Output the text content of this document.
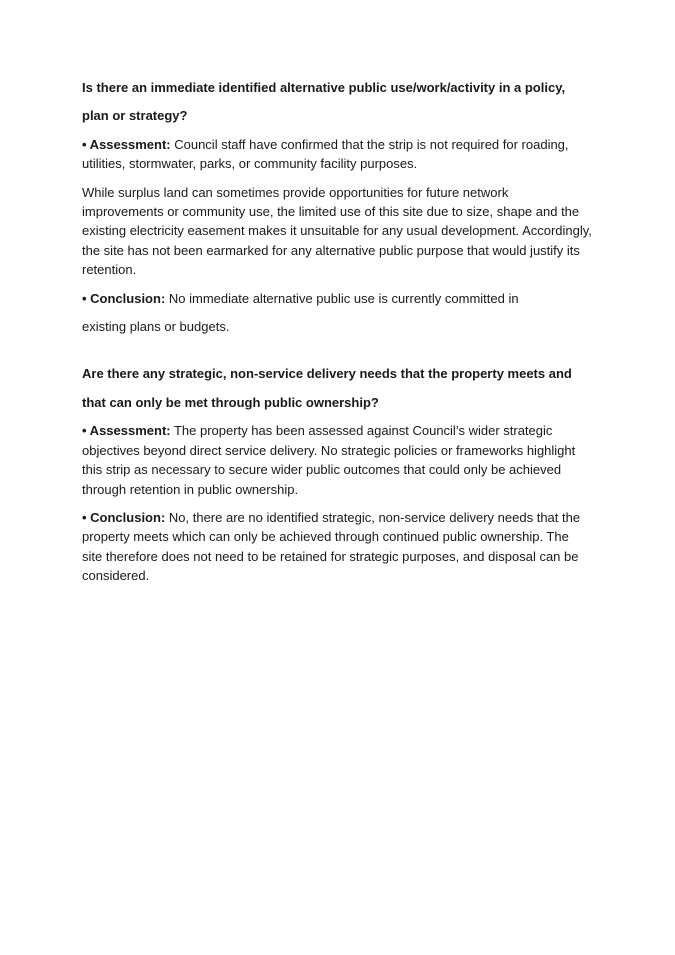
Is there an immediate identified alternative public use/work/activity in a policy,

plan or strategy?

• Assessment: Council staff have confirmed that the strip is not required for roading, utilities, stormwater, parks, or community facility purposes.

While surplus land can sometimes provide opportunities for future network improvements or community use, the limited use of this site due to size, shape and the existing electricity easement makes it unsuitable for any usual development. Accordingly, the site has not been earmarked for any alternative public purpose that would justify its retention.

• Conclusion: No immediate alternative public use is currently committed in

existing plans or budgets.

Are there any strategic, non-service delivery needs that the property meets and

that can only be met through public ownership?

• Assessment: The property has been assessed against Council’s wider strategic objectives beyond direct service delivery. No strategic policies or frameworks highlight this strip as necessary to secure wider public outcomes that could only be achieved through retention in public ownership.

• Conclusion: No, there are no identified strategic, non-service delivery needs that the property meets which can only be achieved through continued public ownership. The site therefore does not need to be retained for strategic purposes, and disposal can be considered.
